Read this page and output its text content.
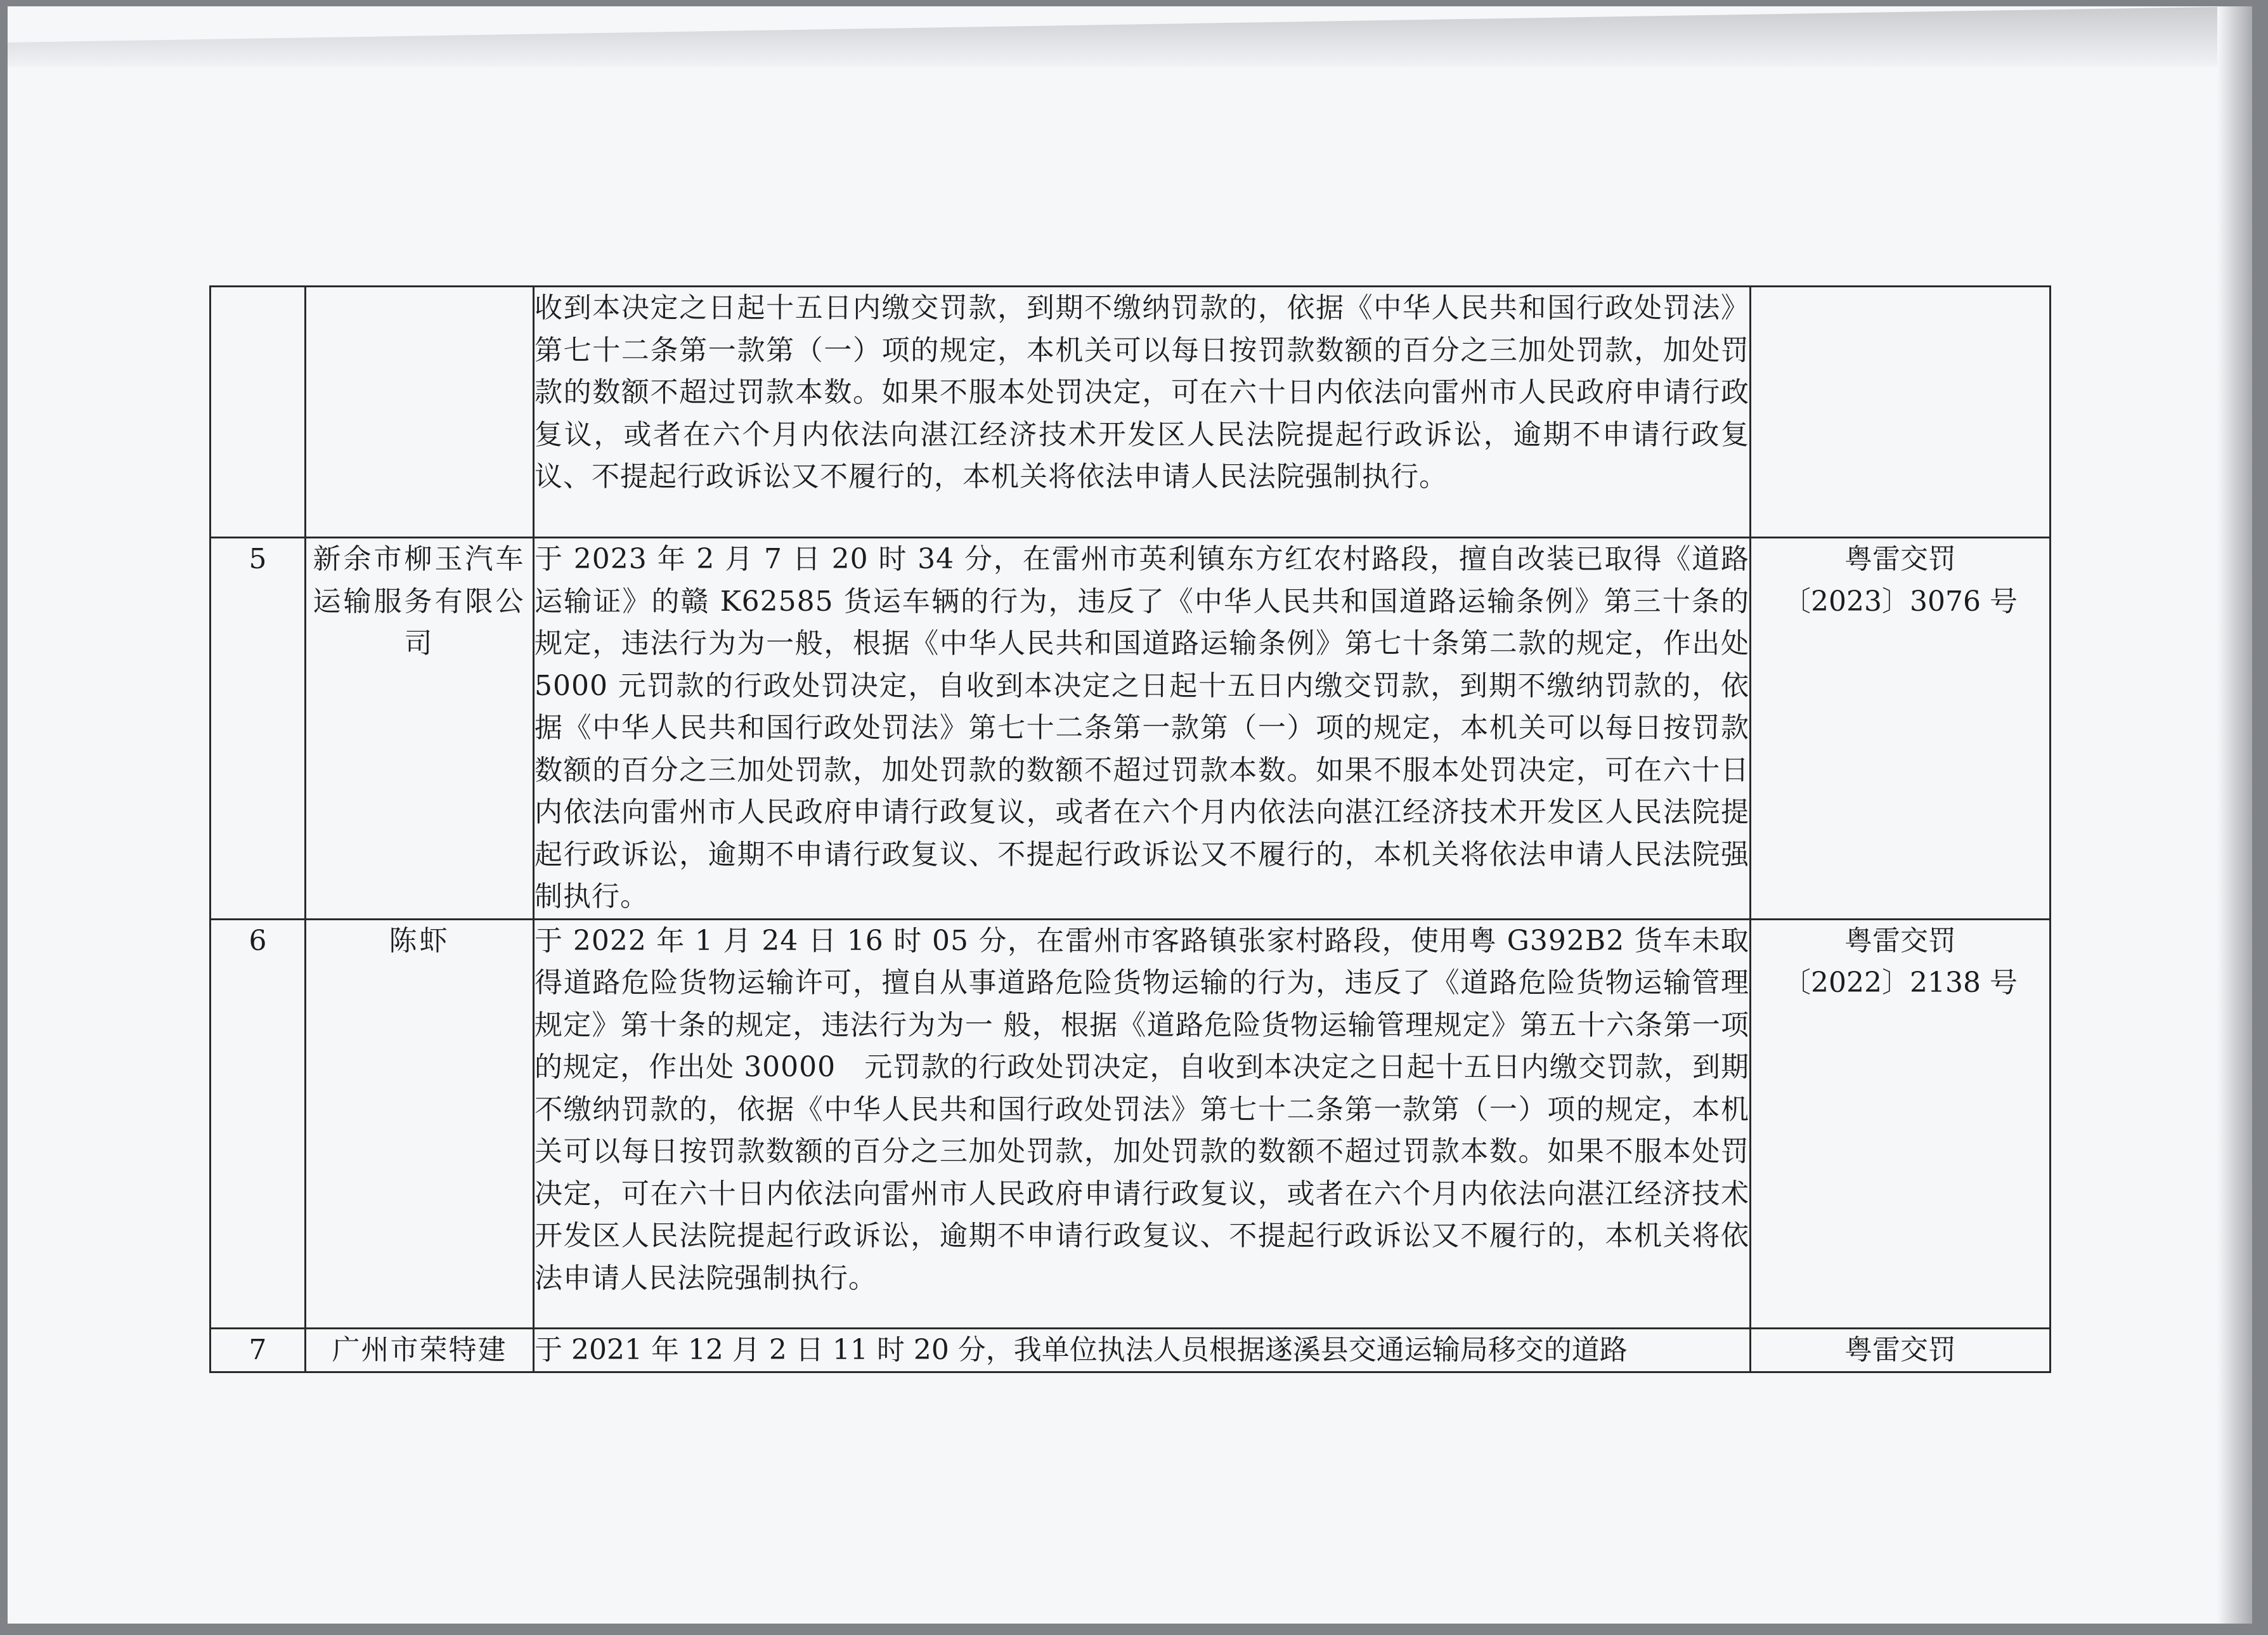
		收到本决定之日起十五日内缴交罚款，到期不缴纳罚款的，依据《中华人民共和国行政处罚法》第七十二条第一款第（一）项的规定，本机关可以每日按罚款数额的百分之三加处罚款，加处罚款的数额不超过罚款本数。如果不服本处罚决定，可在六十日内依法向雷州市人民政府申请行政复议，或者在六个月内依法向湛江经济技术开发区人民法院提起行政诉讼，逾期不申请行政复议、不提起行政诉讼又不履行的，本机关将依法申请人民法院强制执行。	
5	新余市柳玉汽车运输服务有限公司	于 2023 年 2 月 7 日 20 时 34 分，在雷州市英利镇东方红农村路段，擅自改装已取得《道路运输证》的赣 K62585 货运车辆的行为，违反了《中华人民共和国道路运输条例》第三十条的规定，违法行为为一般，根据《中华人民共和国道路运输条例》第七十条第二款的规定，作出处 5000 元罚款的行政处罚决定，自收到本决定之日起十五日内缴交罚款，到期不缴纳罚款的，依据《中华人民共和国行政处罚法》第七十二条第一款第（一）项的规定，本机关可以每日按罚款数额的百分之三加处罚款，加处罚款的数额不超过罚款本数。如果不服本处罚决定，可在六十日内依法向雷州市人民政府申请行政复议，或者在六个月内依法向湛江经济技术开发区人民法院提起行政诉讼，逾期不申请行政复议、不提起行政诉讼又不履行的，本机关将依法申请人民法院强制执行。	粤雷交罚
〔2023〕3076 号

6	陈虾	于 2022 年 1 月 24 日 16 时 05 分，在雷州市客路镇张家村路段，使用粤 G392B2 货车未取得道路危险货物运输许可，擅自从事道路危险货物运输的行为，违反了《道路危险货物运输管理规定》第十条的规定，违法行为为一 般，根据《道路危险货物运输管理规定》第五十六条第一项的规定，作出处 30000　元罚款的行政处罚决定，自收到本决定之日起十五日内缴交罚款，到期不缴纳罚款的，依据《中华人民共和国行政处罚法》第七十二条第一款第（一）项的规定，本机关可以每日按罚款数额的百分之三加处罚款，加处罚款的数额不超过罚款本数。如果不服本处罚决定，可在六十日内依法向雷州市人民政府申请行政复议，或者在六个月内依法向湛江经济技术开发区人民法院提起行政诉讼，逾期不申请行政复议、不提起行政诉讼又不履行的，本机关将依法申请人民法院强制执行。	粤雷交罚
〔2022〕2138 号

7	广州市荣特建	于 2021 年 12 月 2 日 11 时 20 分，我单位执法人员根据遂溪县交通运输局移交的道路	粤雷交罚
